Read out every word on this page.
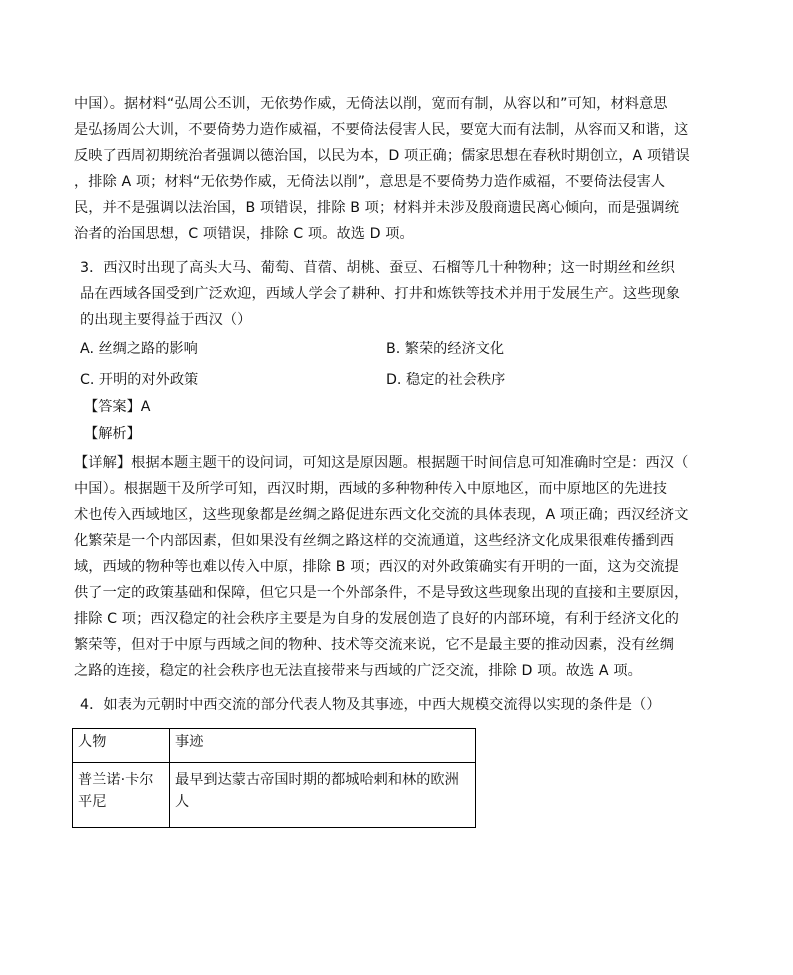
中国）。据材料“弘周公丕训，无依势作威，无倚法以削，宽而有制，从容以和”可知，材料意思
是弘扬周公大训，不要倚势力造作威福，不要倚法侵害人民，要宽大而有法制，从容而又和谐，这
反映了西周初期统治者强调以德治国，以民为本，D 项正确；儒家思想在春秋时期创立，A 项错误
，排除 A 项；材料“无依势作威，无倚法以削”，意思是不要倚势力造作威福，不要倚法侵害人
民，并不是强调以法治国，B 项错误，排除 B 项；材料并未涉及殷商遗民离心倾向，而是强调统
治者的治国思想，C 项错误，排除 C 项。故选 D 项。
3．西汉时出现了高头大马、葡萄、苜蓿、胡桃、蚕豆、石榴等几十种物种；这一时期丝和丝织
品在西域各国受到广泛欢迎，西域人学会了耕种、打井和炼铁等技术并用于发展生产。这些现象
的出现主要得益于西汉（）
A. 丝绸之路的影响	B. 繁荣的经济文化
C. 开明的对外政策	D. 稳定的社会秩序
【答案】A
【解析】
【详解】根据本题主题干的设问词，可知这是原因题。根据题干时间信息可知准确时空是：西汉（
中国）。根据题干及所学可知，西汉时期，西域的多种物种传入中原地区，而中原地区的先进技
术也传入西域地区，这些现象都是丝绸之路促进东西文化交流的具体表现，A 项正确；西汉经济文
化繁荣是一个内部因素，但如果没有丝绸之路这样的交流通道，这些经济文化成果很难传播到西
域，西域的物种等也难以传入中原，排除 B 项；西汉的对外政策确实有开明的一面，这为交流提
供了一定的政策基础和保障，但它只是一个外部条件，不是导致这些现象出现的直接和主要原因，
排除 C 项；西汉稳定的社会秩序主要是为自身的发展创造了良好的内部环境，有利于经济文化的
繁荣等，但对于中原与西域之间的物种、技术等交流来说，它不是最主要的推动因素，没有丝绸
之路的连接，稳定的社会秩序也无法直接带来与西域的广泛交流，排除 D 项。故选 A 项。
4．如表为元朝时中西交流的部分代表人物及其事迹，中西大规模交流得以实现的条件是（）
人物	事迹
普兰诺·卡尔平尼	最早到达蒙古帝国时期的都城哈剌和林的欧洲人
